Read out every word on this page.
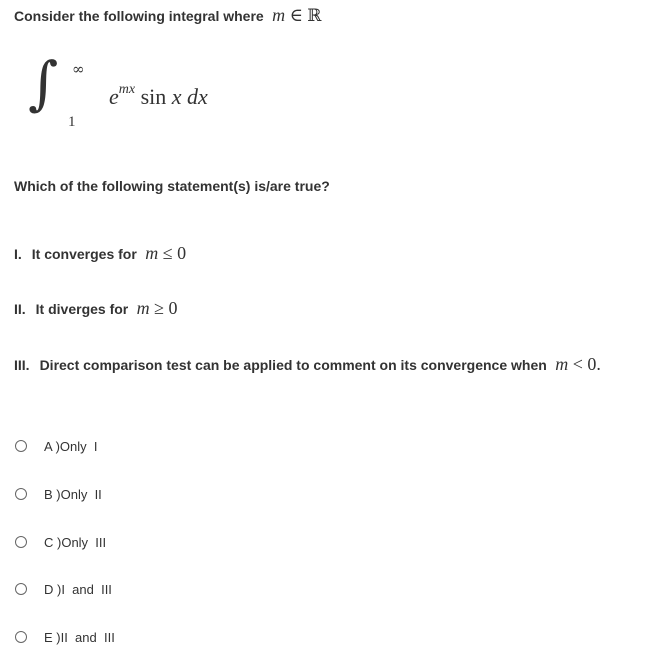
Consider the following integral where m ∈ ℝ
∫ ∞
1
$e^{mx}$ sin x dx
Which of the following statement(s) is/are true?
I. It converges for m ≤ 0
II. It diverges for m ≥ 0
III. Direct comparison test can be applied to comment on its convergence when m < 0.
A )Only  I
B )Only  II
C )Only  III
D )I  and  III
E )II  and  III
